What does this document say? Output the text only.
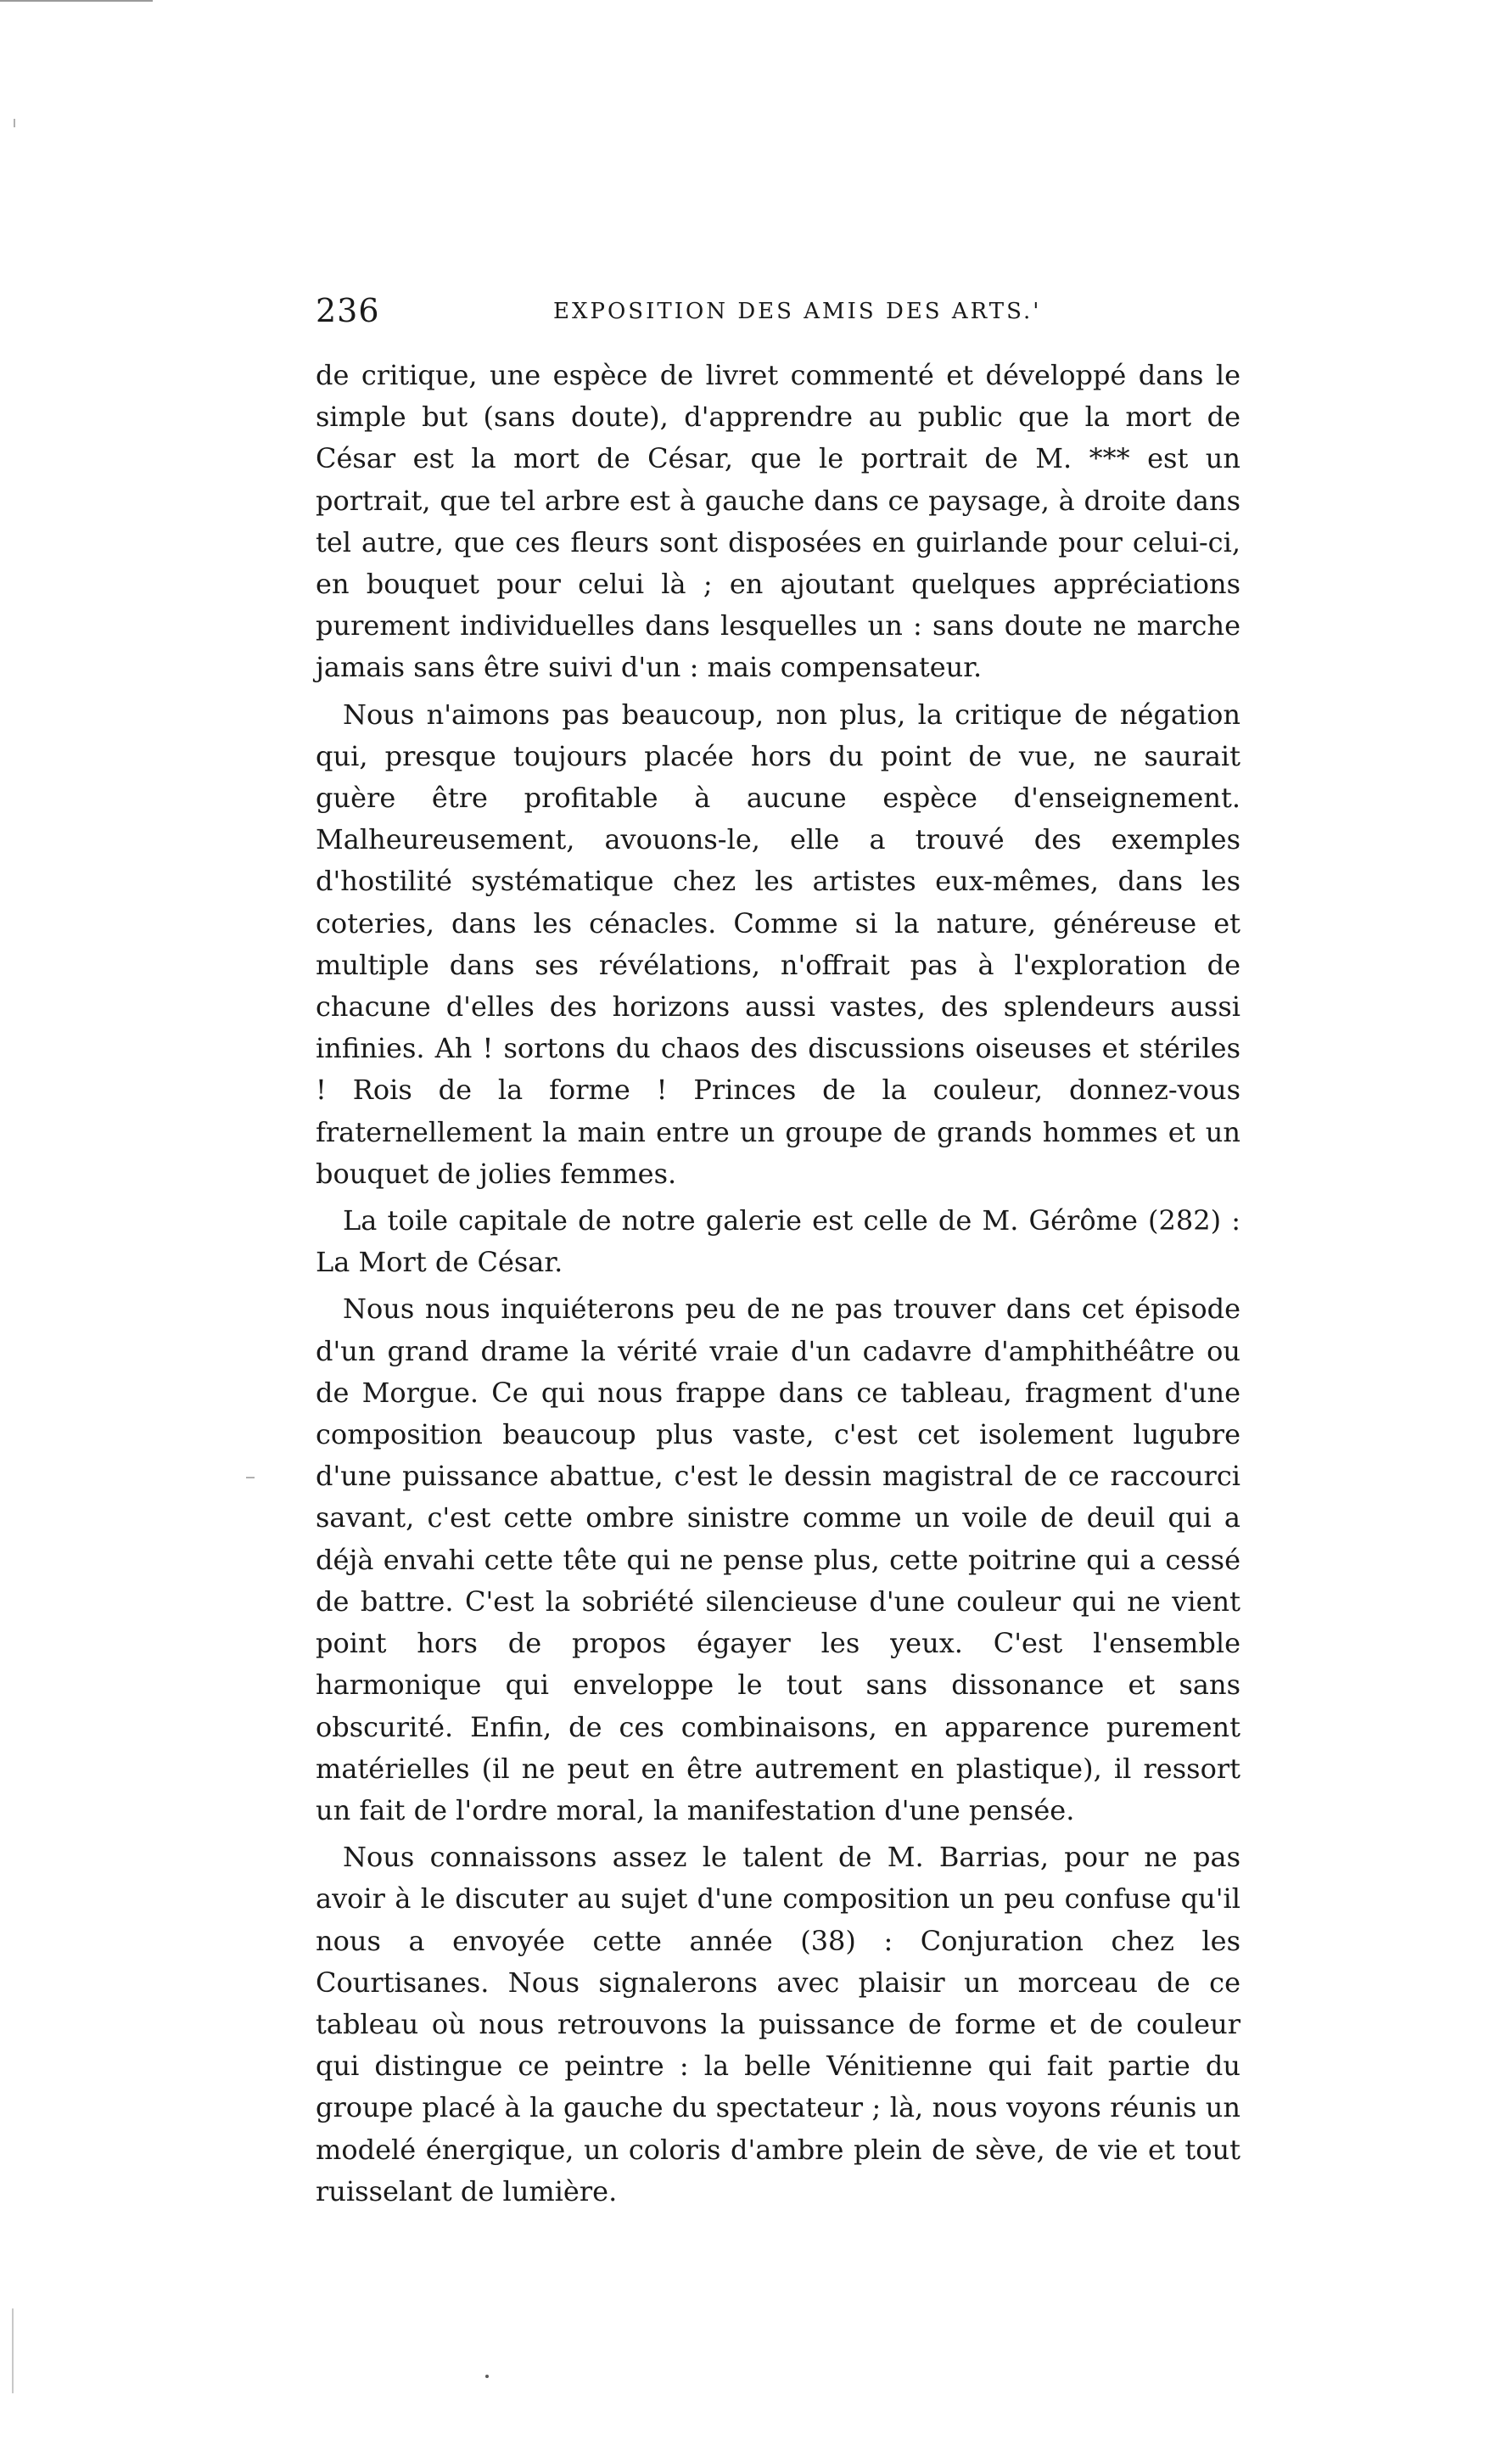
236	EXPOSITION DES AMIS DES ARTS.'

de critique, une espèce de livret commenté et développé dans le simple but (sans doute), d'apprendre au public que la mort de César est la mort de César, que le portrait de M. *** est un portrait, que tel arbre est à gauche dans ce paysage, à droite dans tel autre, que ces fleurs sont disposées en guirlande pour celui-ci, en bouquet pour celui là ; en ajoutant quelques appréciations purement individuelles dans lesquelles un : sans doute ne marche jamais sans être suivi d'un : mais compensateur.

Nous n'aimons pas beaucoup, non plus, la critique de négation qui, presque toujours placée hors du point de vue, ne saurait guère être profitable à aucune espèce d'enseignement. Malheureusement, avouons-le, elle a trouvé des exemples d'hostilité systématique chez les artistes eux-mêmes, dans les coteries, dans les cénacles. Comme si la nature, généreuse et multiple dans ses révélations, n'offrait pas à l'exploration de chacune d'elles des horizons aussi vastes, des splendeurs aussi infinies. Ah ! sortons du chaos des discussions oiseuses et stériles ! Rois de la forme ! Princes de la couleur, donnez-vous fraternellement la main entre un groupe de grands hommes et un bouquet de jolies femmes.

La toile capitale de notre galerie est celle de M. Gérôme (282) : La Mort de César.

Nous nous inquiéterons peu de ne pas trouver dans cet épisode d'un grand drame la vérité vraie d'un cadavre d'amphithéâtre ou de Morgue. Ce qui nous frappe dans ce tableau, fragment d'une composition beaucoup plus vaste, c'est cet isolement lugubre d'une puissance abattue, c'est le dessin magistral de ce raccourci savant, c'est cette ombre sinistre comme un voile de deuil qui a déjà envahi cette tête qui ne pense plus, cette poitrine qui a cessé de battre. C'est la sobriété silencieuse d'une couleur qui ne vient point hors de propos égayer les yeux. C'est l'ensemble harmonique qui enveloppe le tout sans dissonance et sans obscurité. Enfin, de ces combinaisons, en apparence purement matérielles (il ne peut en être autrement en plastique), il ressort un fait de l'ordre moral, la manifestation d'une pensée.

Nous connaissons assez le talent de M. Barrias, pour ne pas avoir à le discuter au sujet d'une composition un peu confuse qu'il nous a envoyée cette année (38) : Conjuration chez les Courtisanes. Nous signalerons avec plaisir un morceau de ce tableau où nous retrouvons la puissance de forme et de couleur qui distingue ce peintre : la belle Vénitienne qui fait partie du groupe placé à la gauche du spectateur ; là, nous voyons réunis un modelé énergique, un coloris d'ambre plein de sève, de vie et tout ruisselant de lumière.
